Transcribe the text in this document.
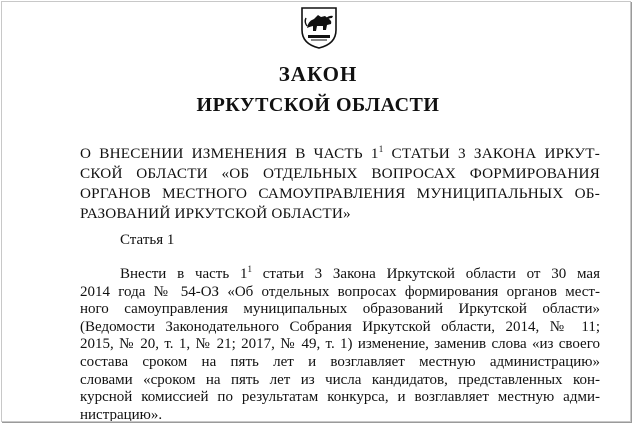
ЗАКОН
ИРКУТСКОЙ ОБЛАСТИ
О ВНЕСЕНИИ ИЗМЕНЕНИЯ В ЧАСТЬ $1^1$ СТАТЬИ 3 ЗАКОНА ИРКУТ-
СКОЙ ОБЛАСТИ «ОБ ОТДЕЛЬНЫХ ВОПРОСАХ ФОРМИРОВАНИЯ
ОРГАНОВ МЕСТНОГО САМОУПРАВЛЕНИЯ МУНИЦИПАЛЬНЫХ ОБ-
РАЗОВАНИЙ ИРКУТСКОЙ ОБЛАСТИ»
Статья 1
Внести в часть $1^1$ статьи 3 Закона Иркутской области от 30 мая
2014 года № 54-ОЗ «Об отдельных вопросах формирования органов мест-
ного самоуправления муниципальных образований Иркутской области»
(Ведомости Законодательного Собрания Иркутской области, 2014, № 11;
2015, № 20, т. 1, № 21; 2017, № 49, т. 1) изменение, заменив слова «из своего
состава сроком на пять лет и возглавляет местную администрацию»
словами «сроком на пять лет из числа кандидатов, представленных кон-
курсной комиссией по результатам конкурса, и возглавляет местную адми-
нистрацию».
